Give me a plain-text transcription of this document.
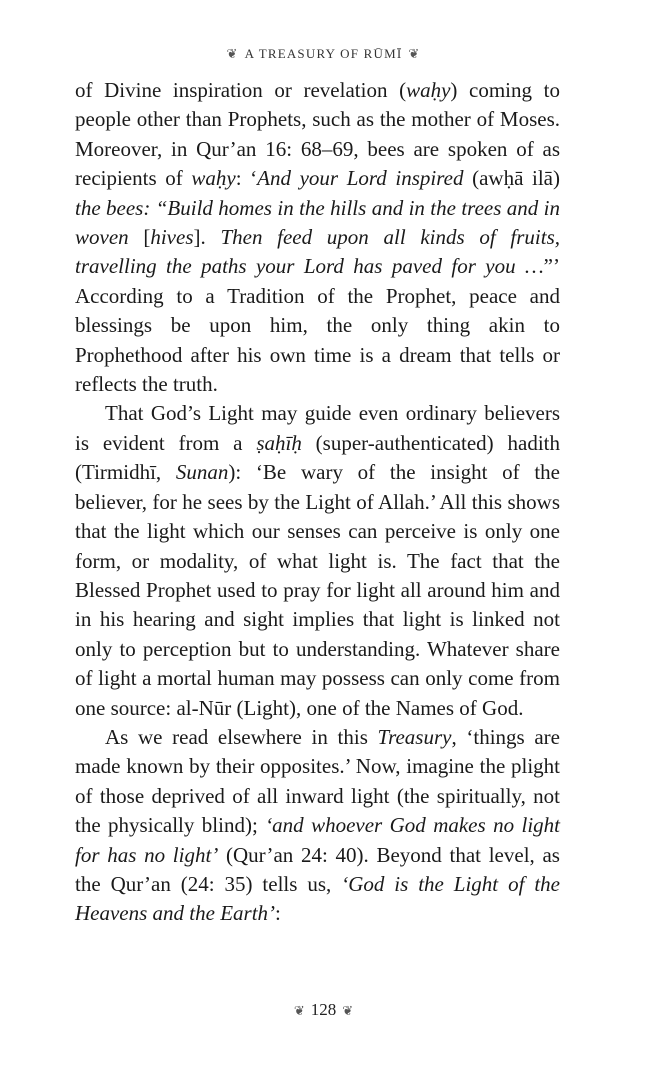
❦ A TREASURY OF RŪMĪ ❦

of Divine inspiration or revelation (waḥy) coming to people other than Prophets, such as the mother of Moses. Moreover, in Qur’an 16: 68–69, bees are spoken of as recipients of waḥy: ‘And your Lord inspired (awḥā ilā) the bees: “Build homes in the hills and in the trees and in woven [hives]. Then feed upon all kinds of fruits, travelling the paths your Lord has paved for you …”’ According to a Tradition of the Prophet, peace and blessings be upon him, the only thing akin to Prophethood after his own time is a dream that tells or reflects the truth.

That God’s Light may guide even ordinary believers is evident from a ṣaḥīḥ (super-authenticated) hadith (Tirmidhī, Sunan): ‘Be wary of the insight of the believer, for he sees by the Light of Allah.’ All this shows that the light which our senses can perceive is only one form, or modality, of what light is. The fact that the Blessed Prophet used to pray for light all around him and in his hearing and sight implies that light is linked not only to perception but to understanding. Whatever share of light a mortal human may possess can only come from one source: al-Nūr (Light), one of the Names of God.

As we read elsewhere in this Treasury, ‘things are made known by their opposites.’ Now, imagine the plight of those deprived of all inward light (the spiritually, not the physically blind); ‘and whoever God makes no light for has no light’ (Qur’an 24: 40). Beyond that level, as the Qur’an (24: 35) tells us, ‘God is the Light of the Heavens and the Earth’:

❦ 128 ❦
